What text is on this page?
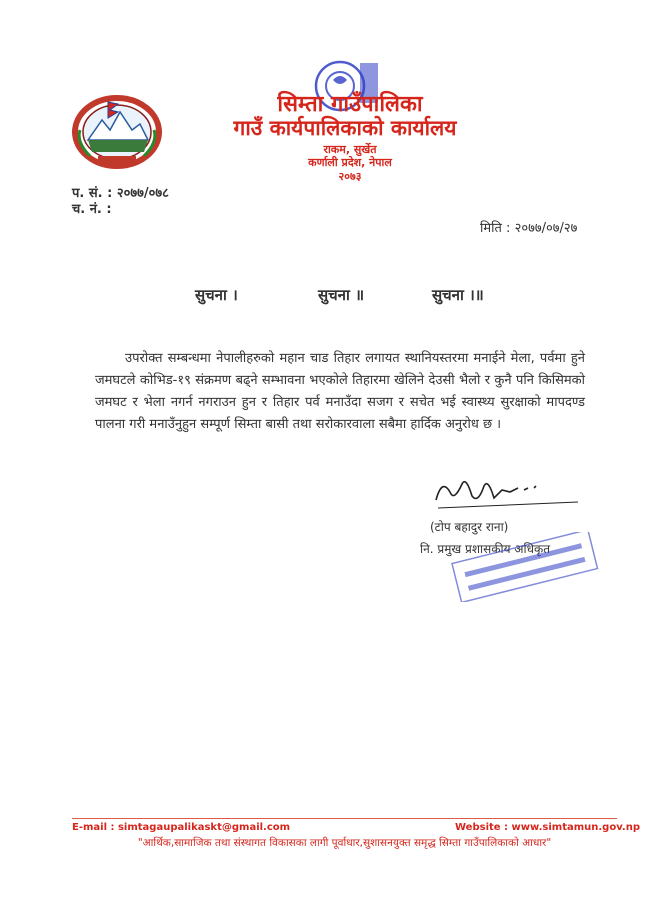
सिम्ता गाउँपालिका
गाउँ कार्यपालिकाको कार्यालय
राकम, सुर्खेत
कर्णाली प्रदेश, नेपाल
२०७३
प. सं. : २०७७/०७८
च. नं. :
मिति : २०७७/०७/२७
सुचना ।	सुचना ॥	सुचना ।॥
उपरोक्त सम्बन्धमा नेपालीहरुको महान चाड तिहार लगायत स्थानियस्तरमा मनाईने मेला, पर्वमा हुने जमघटले कोभिड-१९ संक्रमण बढ्ने सम्भावना भएकोले तिहारमा खेलिने देउसी भैलो र कुनै पनि किसिमको जमघट र भेला नगर्न नगराउन हुन र तिहार पर्व मनाउँदा सजग र सचेत भई स्वास्थ्य सुरक्षाको मापदण्ड पालना गरी मनाउँनुहुन सम्पूर्ण सिम्ता बासी तथा सरोकारवाला सबैमा हार्दिक अनुरोध छ ।
(टोप बहादुर राना)
नि. प्रमुख प्रशासकीय अधिकृत
E-mail : simtagaupalikaskt@gmail.com	Website : www.simtamun.gov.np
"आर्थिक,सामाजिक तथा संस्थागत विकासका लागी पूर्वाधार,सुशासनयुक्त समृद्ध सिम्ता गाउँपालिकाको आधार"
